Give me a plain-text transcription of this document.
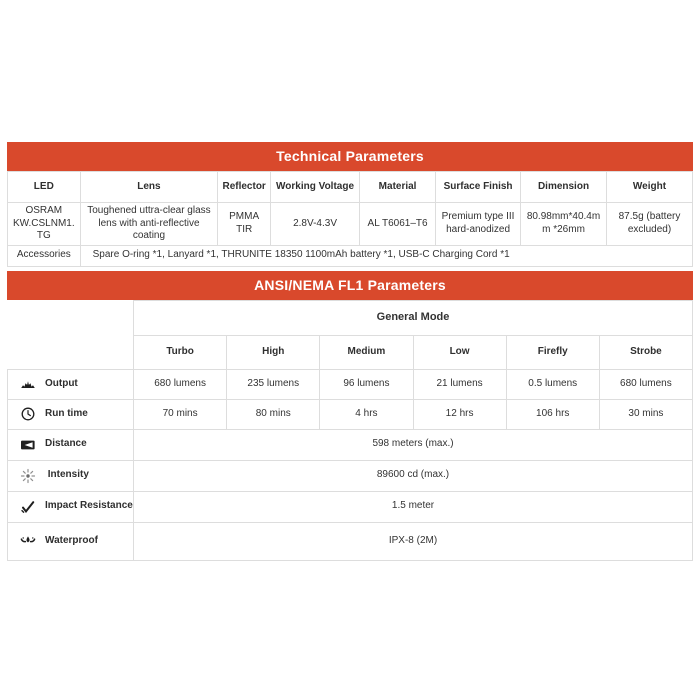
Technical Parameters
LED	Lens	Reflector	Working Voltage	Material	Surface Finish	Dimension	Weight
OSRAM KW.CSLNM1.TG	Toughened uttra-clear glass lens with anti-reflective coating	PMMA TIR	2.8V-4.3V	AL T6061–T6	Premium type III hard-anodized	80.98mm*40.4mm *26mm	87.5g (battery excluded)
Accessories	Spare O-ring *1, Lanyard *1, THRUNITE 18350 1100mAh battery *1, USB-C Charging Cord *1						
ANSI/NEMA FL1 Parameters
	General Mode					
	Turbo	High	Medium	Low	Firefly	Strobe

Output	680 lumens	235 lumens	96 lumens	21 lumens	0.5 lumens	680 lumens

Run time	70 mins	80 mins	4 hrs	12 hrs	106 hrs	30 mins

Distance	598 meters (max.)					

Intensity	89600 cd (max.)					

Impact Resistance	1.5 meter					

Waterproof	IPX-8 (2M)					
